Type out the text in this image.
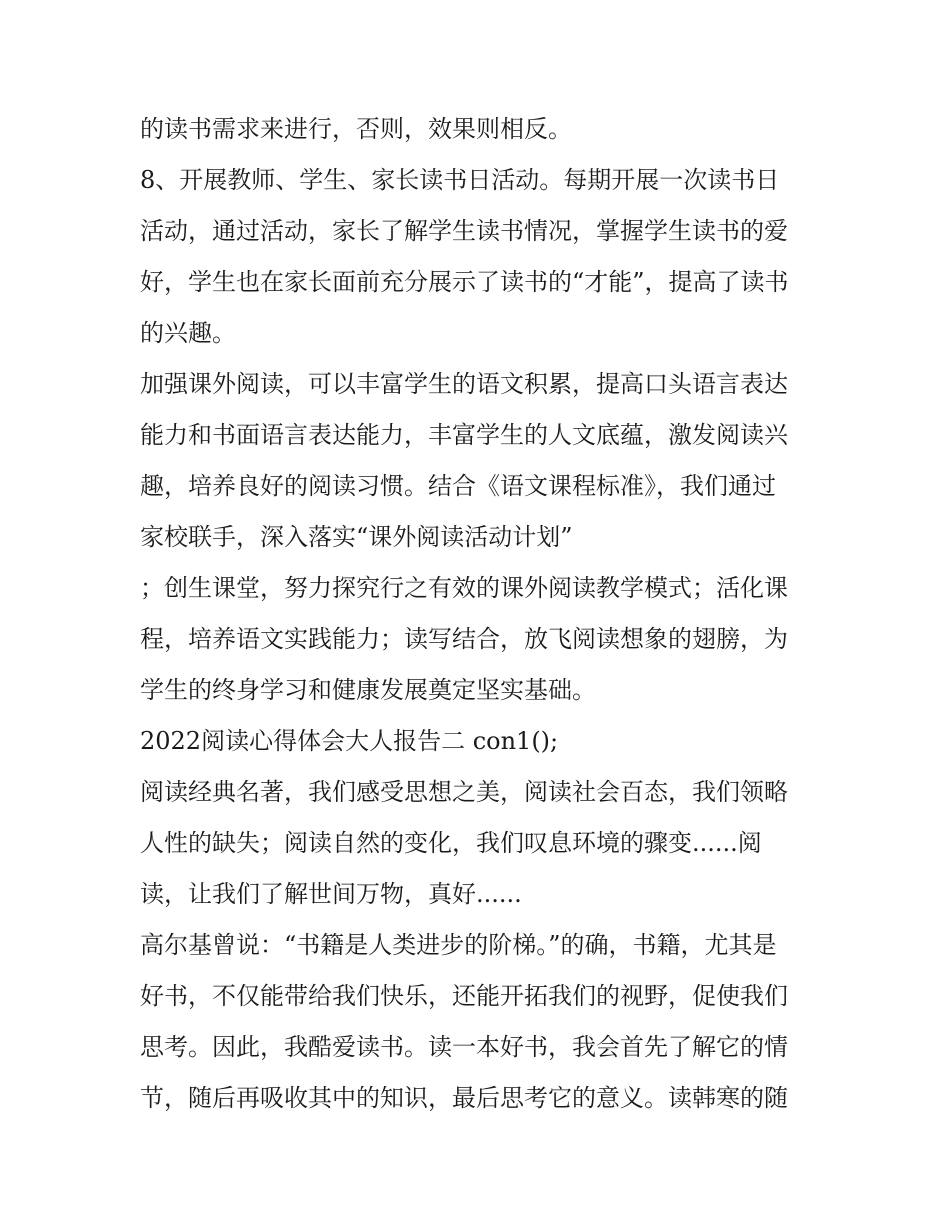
的读书需求来进行，否则，效果则相反。
8、开展教师、学生、家长读书日活动。每期开展一次读书日
活动，通过活动，家长了解学生读书情况，掌握学生读书的爱
好，学生也在家长面前充分展示了读书的“才能”，提高了读书
的兴趣。
加强课外阅读，可以丰富学生的语文积累，提高口头语言表达
能力和书面语言表达能力，丰富学生的人文底蕴，激发阅读兴
趣，培养良好的阅读习惯。结合《语文课程标准》，我们通过
家校联手，深入落实“课外阅读活动计划”
；创生课堂，努力探究行之有效的课外阅读教学模式；活化课
程，培养语文实践能力；读写结合，放飞阅读想象的翅膀，为
学生的终身学习和健康发展奠定坚实基础。
2022阅读心得体会大人报告二 con1();
阅读经典名著，我们感受思想之美，阅读社会百态，我们领略
人性的缺失；阅读自然的变化，我们叹息环境的骤变......阅
读，让我们了解世间万物，真好......
高尔基曾说：“书籍是人类进步的阶梯。”的确，书籍，尤其是
好书，不仅能带给我们快乐，还能开拓我们的视野，促使我们
思考。因此，我酷爱读书。读一本好书，我会首先了解它的情
节，随后再吸收其中的知识，最后思考它的意义。读韩寒的随
